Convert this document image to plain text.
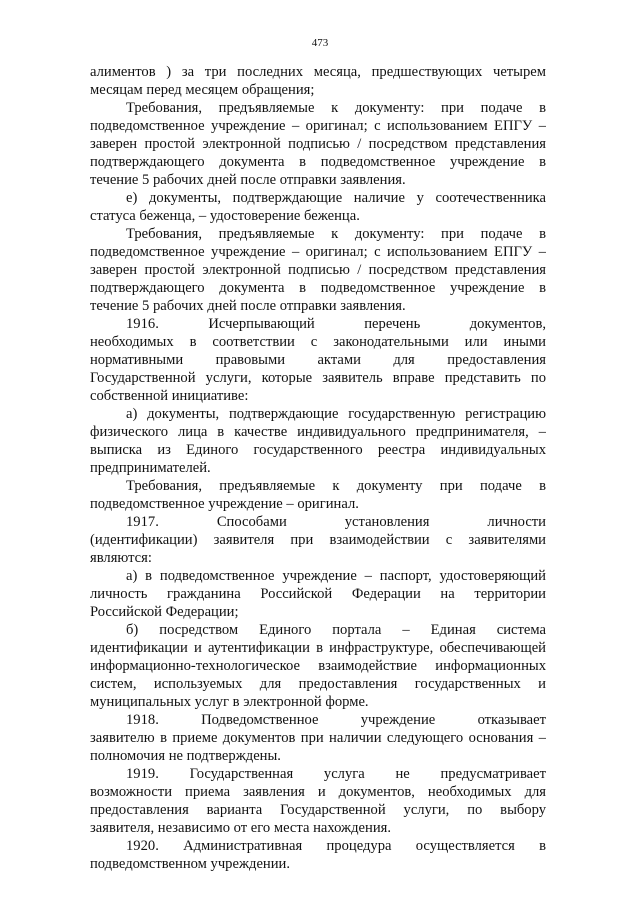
473
алиментов ) за три последних месяца, предшествующих четырем
месяцам перед месяцем обращения;
Требования, предъявляемые к документу: при подаче в
подведомственное учреждение – оригинал; с использованием ЕПГУ –
заверен простой электронной подписью / посредством представления
подтверждающего документа в подведомственное учреждение в
течение 5 рабочих дней после отправки заявления.
е) документы, подтверждающие наличие у соотечественника
статуса беженца, – удостоверение беженца.
Требования, предъявляемые к документу: при подаче в
подведомственное учреждение – оригинал; с использованием ЕПГУ –
заверен простой электронной подписью / посредством представления
подтверждающего документа в подведомственное учреждение в
течение 5 рабочих дней после отправки заявления.
1916. Исчерпывающий перечень документов,
необходимых в соответствии с законодательными или иными
нормативными правовыми актами для предоставления
Государственной услуги, которые заявитель вправе представить по
собственной инициативе:
а) документы, подтверждающие государственную регистрацию
физического лица в качестве индивидуального предпринимателя, –
выписка из Единого государственного реестра индивидуальных
предпринимателей.
Требования, предъявляемые к документу при подаче в
подведомственное учреждение – оригинал.
1917. Способами установления личности
(идентификации) заявителя при взаимодействии с заявителями
являются:
а) в подведомственное учреждение – паспорт, удостоверяющий
личность гражданина Российской Федерации на территории
Российской Федерации;
б) посредством Единого портала – Единая система
идентификации и аутентификации в инфраструктуре, обеспечивающей
информационно-технологическое взаимодействие информационных
систем, используемых для предоставления государственных и
муниципальных услуг в электронной форме.
1918. Подведомственное учреждение отказывает
заявителю в приеме документов при наличии следующего основания –
полномочия не подтверждены.
1919. Государственная услуга не предусматривает
возможности приема заявления и документов, необходимых для
предоставления варианта Государственной услуги, по выбору
заявителя, независимо от его места нахождения.
1920. Административная процедура осуществляется в
подведомственном учреждении.
